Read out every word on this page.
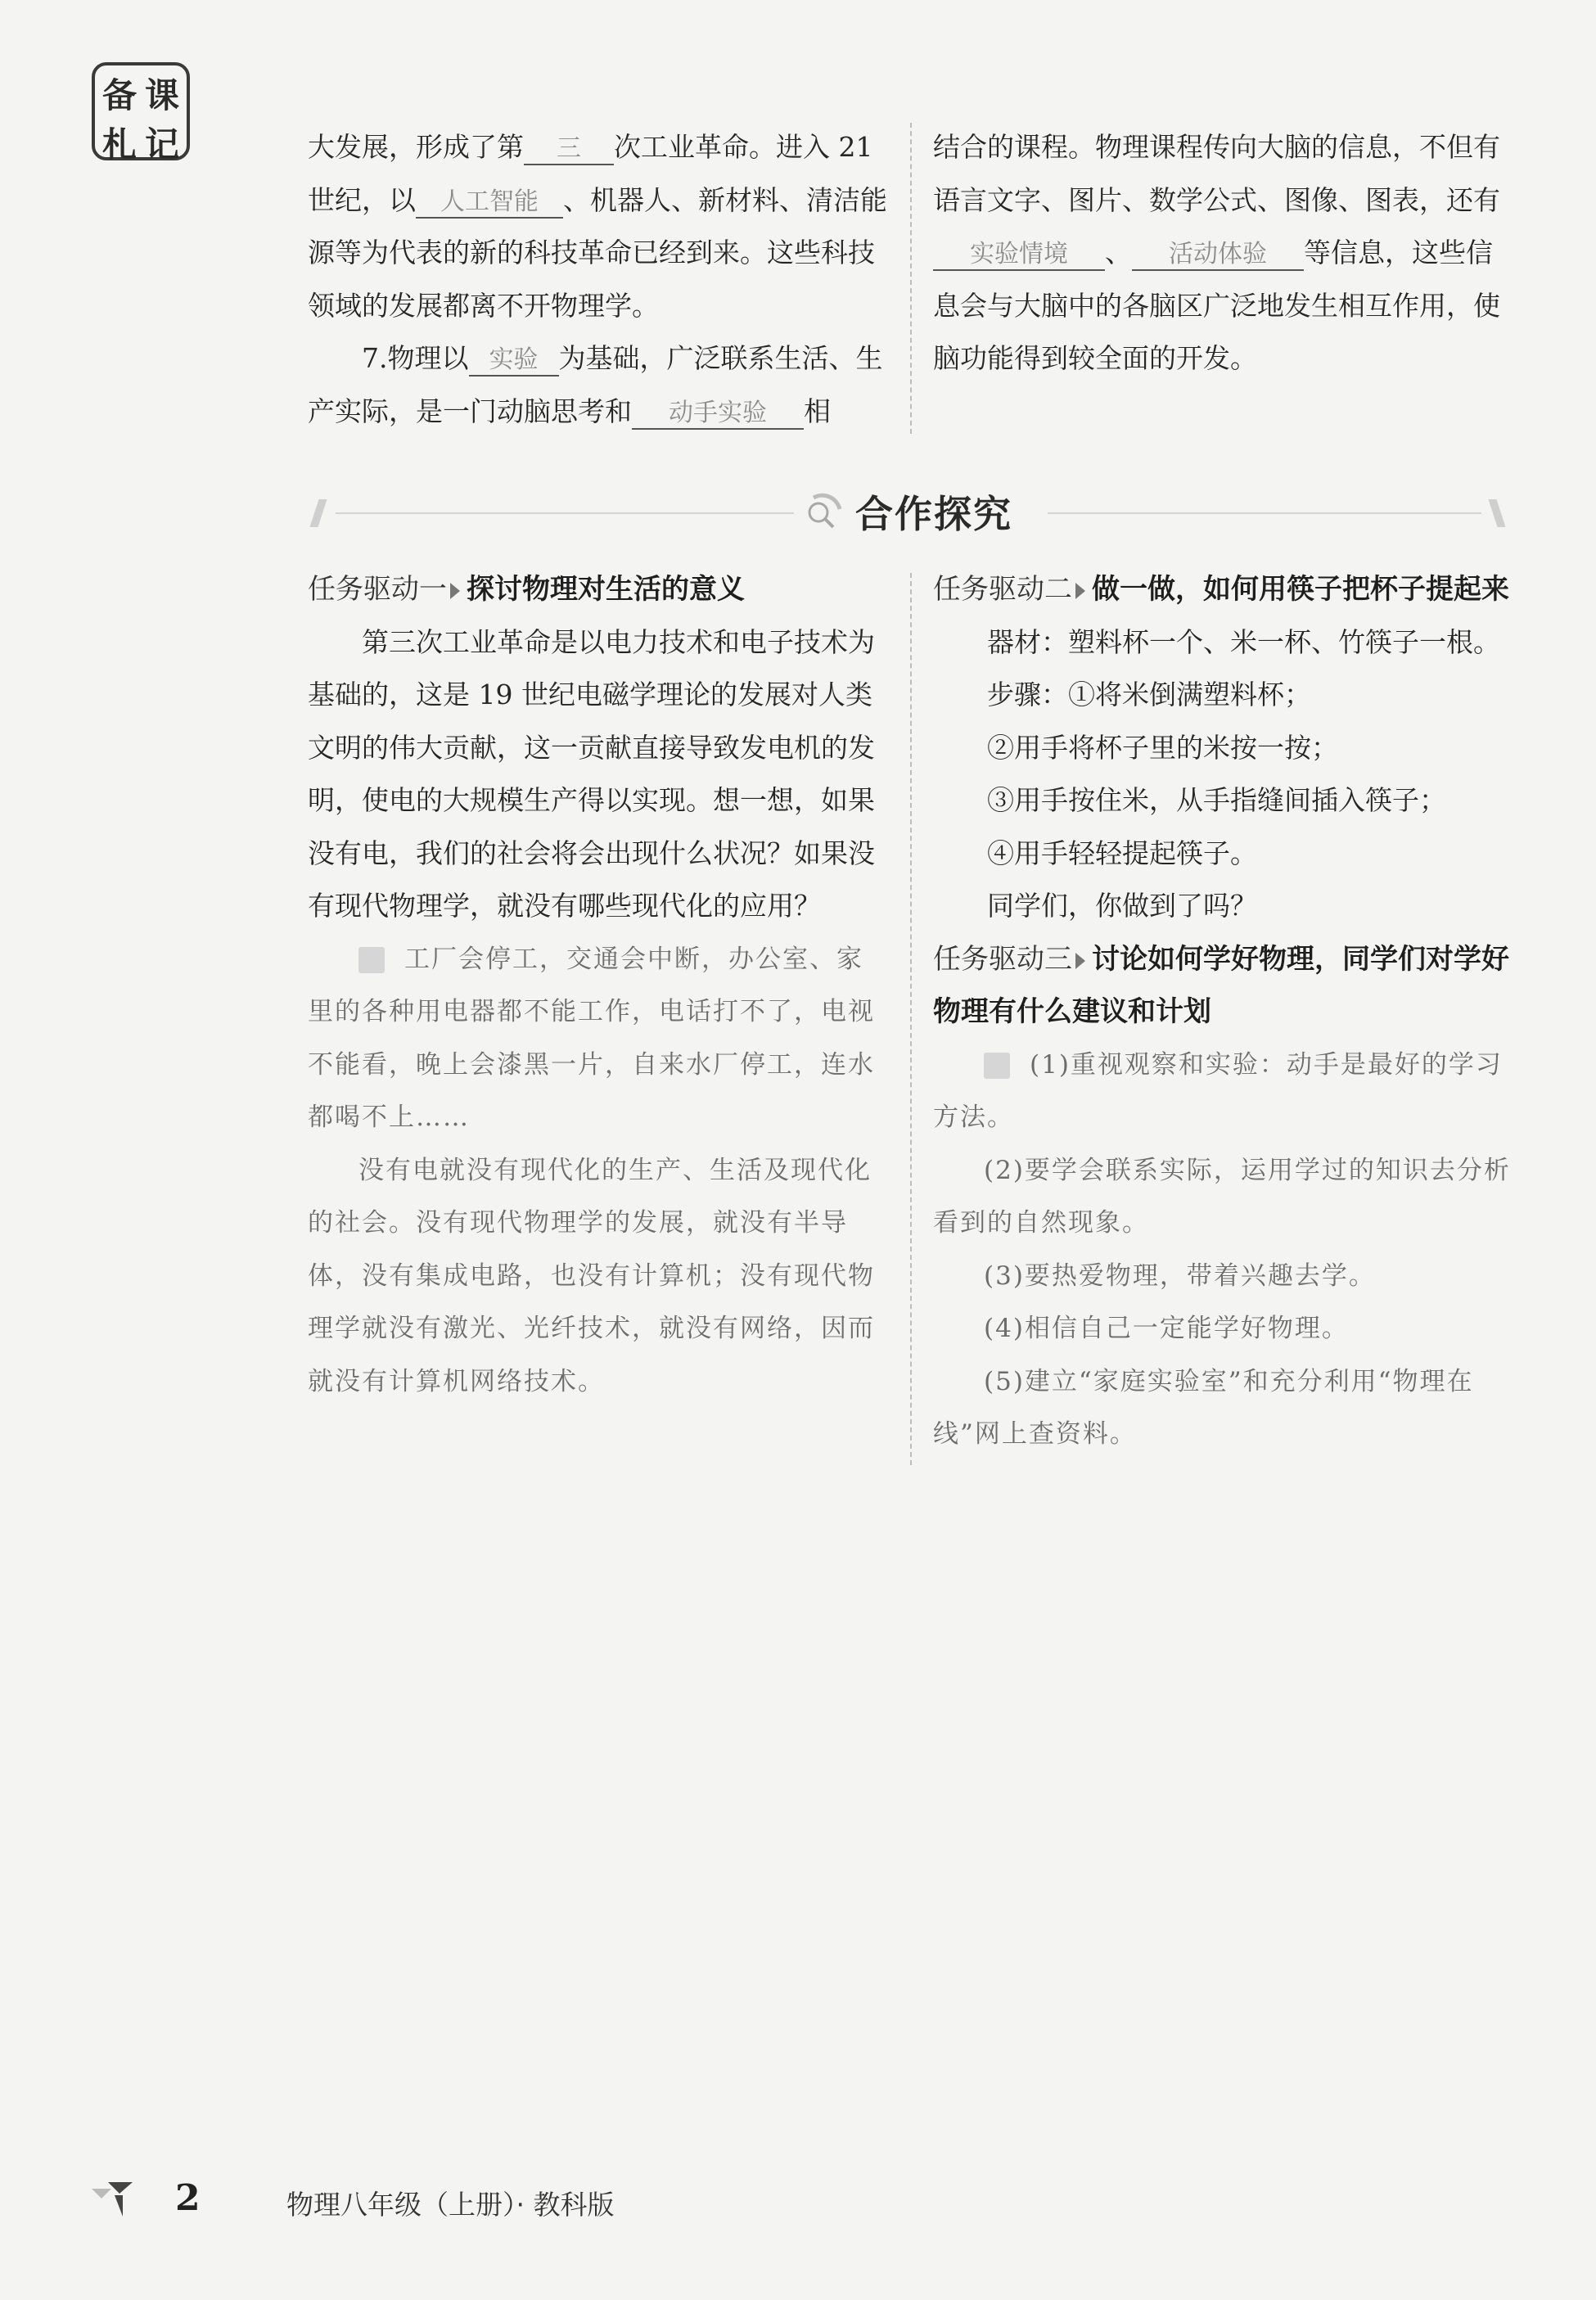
备 课
札 记	大发展，形成了第 三 次工业革命。进入 21 世纪，以 人工智能 、机器人、新材料、清洁能源等为代表的新的科技革命已经到来。这些科技领域的发展都离不开物理学。

7.物理以 实验 为基础，广泛联系生活、生产实际，是一门动脑思考和 动手实验 相

结合的课程。物理课程传向大脑的信息，不但有语言文字、图片、数学公式、图像、图表，还有实验情境 、 活动体验 等信息，这些信息会与大脑中的各脑区广泛地发生相互作用，使脑功能得到较全面的开发。

合作探究
任务驱动一 探讨物理对生活的意义
第三次工业革命是以电力技术和电子技术为基础的，这是 19 世纪电磁学理论的发展对人类文明的伟大贡献，这一贡献直接导致发电机的发明，使电的大规模生产得以实现。想一想，如果没有电，我们的社会将会出现什么状况？如果没有现代物理学，就没有哪些现代化的应用？
工厂会停工，交通会中断，办公室、家里的各种用电器都不能工作，电话打不了，电视不能看，晚上会漆黑一片，自来水厂停工，连水都喝不上……
没有电就没有现代化的生产、生活及现代化的社会。没有现代物理学的发展，就没有半导体，没有集成电路，也没有计算机；没有现代物理学就没有激光、光纤技术，就没有网络，因而就没有计算机网络技术。
任务驱动二 做一做，如何用筷子把杯子提起来

器材：塑料杯一个、米一杯、竹筷子一根。

步骤：①将米倒满塑料杯；

②用手将杯子里的米按一按；

③用手按住米，从手指缝间插入筷子；

④用手轻轻提起筷子。

同学们，你做到了吗？

任务驱动三 讨论如何学好物理，同学们对学好物理有什么建议和计划
(1)重视观察和实验：动手是最好的学习方法。
(2)要学会联系实际，运用学过的知识去分析看到的自然现象。
(3)要热爱物理，带着兴趣去学。
(4)相信自己一定能学好物理。
(5)建立“家庭实验室”和充分利用“物理在线”网上查资料。
2	物理八年级（上册）· 教科版
